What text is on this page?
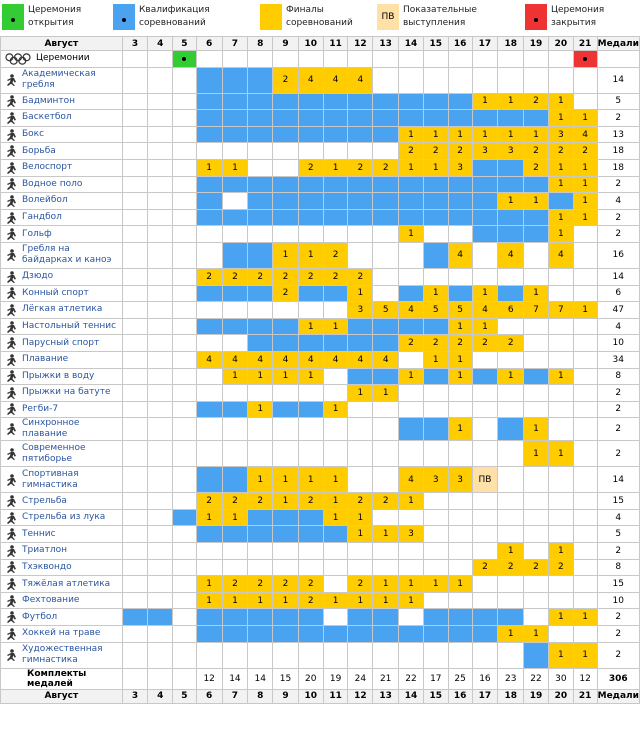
Церемония
открытия
Квалификация
соревнований
Финалы
соревнований
ПВ
Показательные
выступления
Церемония
закрытия
Август	3	4	5	6	7	8	9	10	11	12	13	14	15	16	17	18	19	20	21	Медали

Церемонии																				

Академическая гребля							2	4	4	4										14

Бадминтон															1	1	2	1		5

Баскетбол																		1	1	2

Бокс												1	1	1	1	1	1	3	4	13

Борьба												2	2	2	3	3	2	2	2	18

Велоспорт				1	1			2	1	2	2	1	1	3			2	1	1	18

Водное поло																		1	1	2

Волейбол																1	1		1	4

Гандбол																		1	1	2

Гольф												1						1		2

Гребля на байдарках и каноэ							1	1	2					4		4		4		16

Дзюдо				2	2	2	2	2	2	2										14

Конный спорт							2			1			1		1		1			6

Лёгкая атлетика										3	5	4	5	5	4	6	7	7	1	47

Настольный теннис								1	1					1	1					4

Парусный спорт												2	2	2	2	2				10

Плавание				4	4	4	4	4	4	4	4		1	1						34

Прыжки в воду					1	1	1	1				1		1		1		1		8

Прыжки на батуте										1	1									2

Регби-7						1			1											2

Синхронное плавание														1			1			2

Современное пятиборье																	1	1		2

Спортивная гимнастика						1	1	1	1			4	3	3	ПВ					14

Стрельба				2	2	2	1	2	1	2	2	1								15

Стрельба из лука				1	1				1	1										4

Теннис										1	1	3								5

Триатлон																1		1		2

Тхэквондо															2	2	2	2		8

Тяжёлая атлетика				1	2	2	2	2		2	1	1	1	1						15

Фехтование				1	1	1	1	2	1	1	1	1								10

Футбол																		1	1	2

Хоккей на траве																1	1			2

Художественная гимнастика																		1	1	2
Комплекты медалей				12	14	14	15	20	19	24	21	22	17	25	16	23	22	30	12	306
Август	3	4	5	6	7	8	9	10	11	12	13	14	15	16	17	18	19	20	21	Медали
